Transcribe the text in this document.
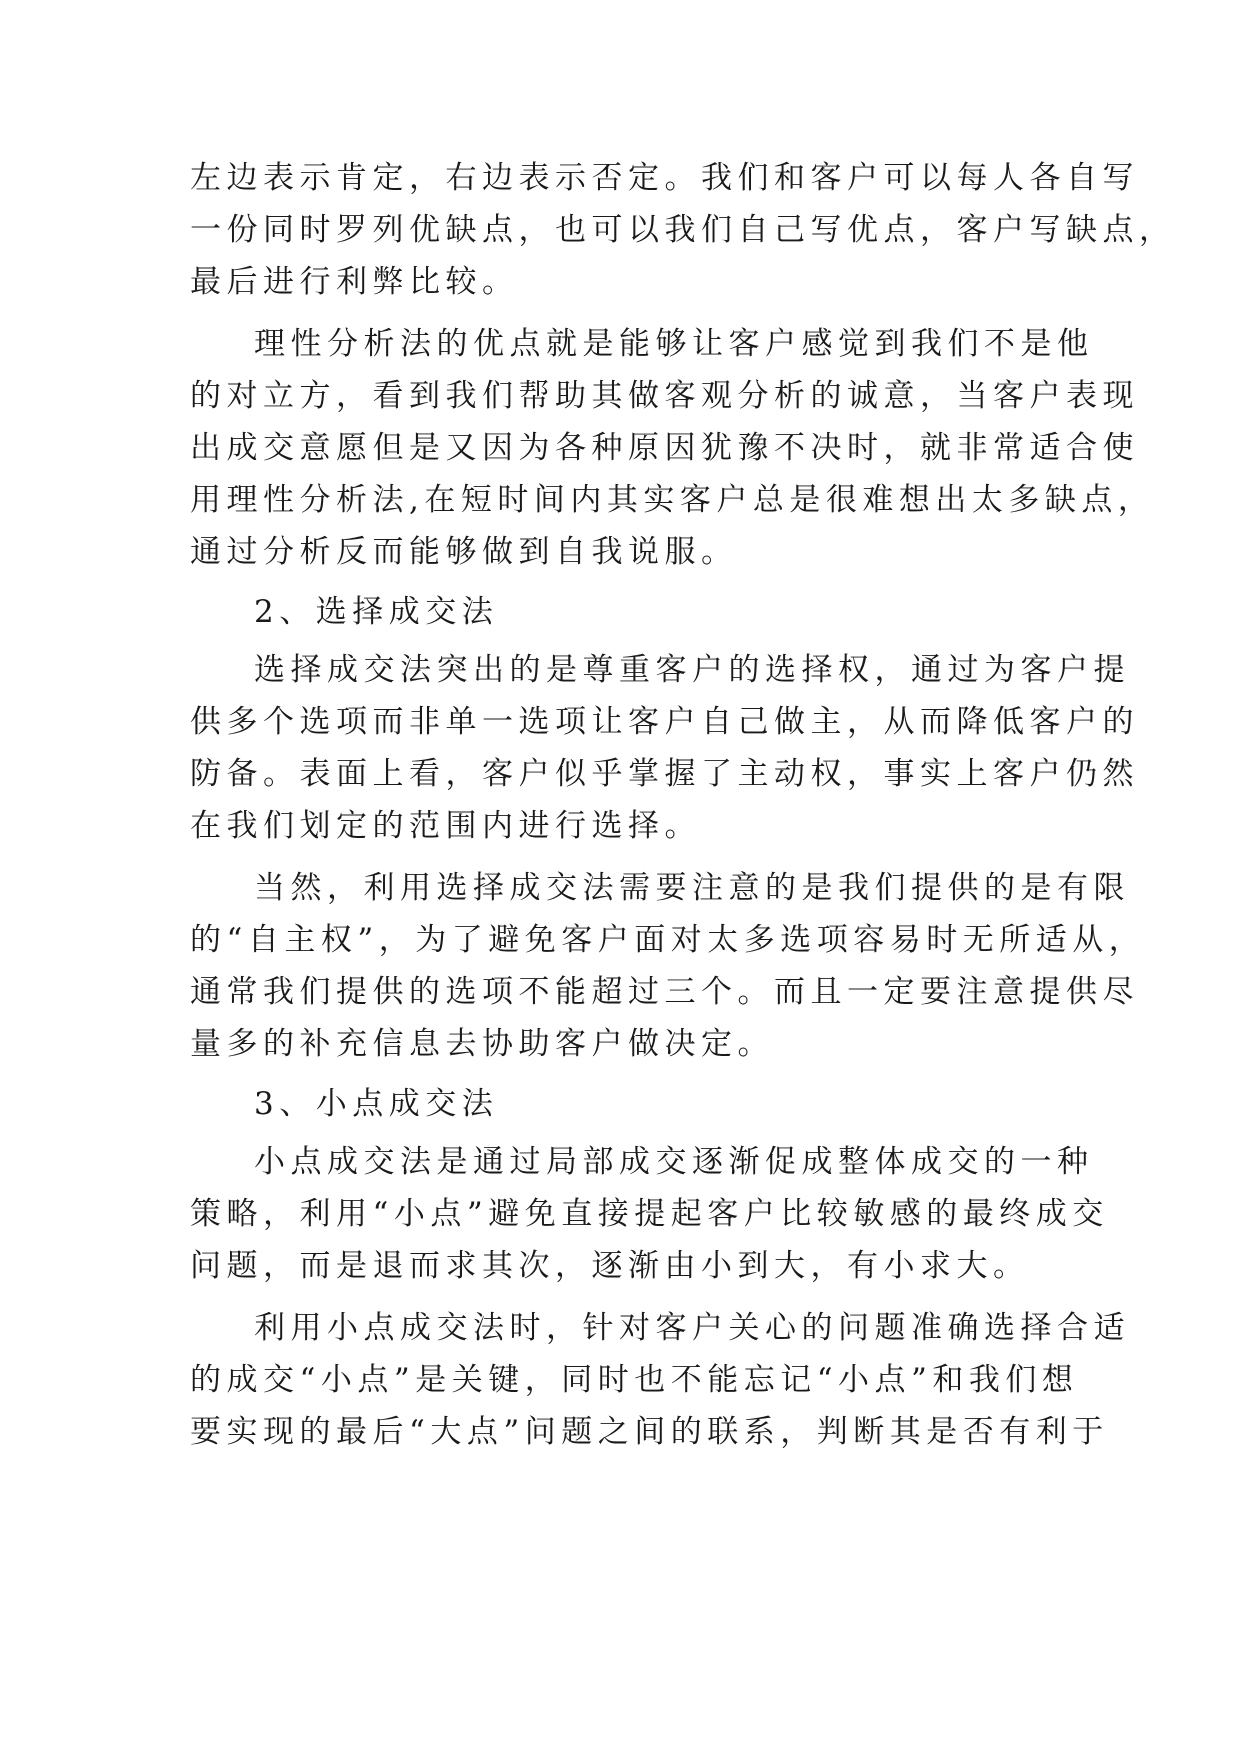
左边表示肯定，右边表示否定。我们和客户可以每人各自写
一份同时罗列优缺点，也可以我们自己写优点，客户写缺点，
最后进行利弊比较。
理性分析法的优点就是能够让客户感觉到我们不是他
的对立方，看到我们帮助其做客观分析的诚意，当客户表现
出成交意愿但是又因为各种原因犹豫不决时，就非常适合使
用理性分析法,在短时间内其实客户总是很难想出太多缺点，
通过分析反而能够做到自我说服。
2、选择成交法
选择成交法突出的是尊重客户的选择权，通过为客户提
供多个选项而非单一选项让客户自己做主，从而降低客户的
防备。表面上看，客户似乎掌握了主动权，事实上客户仍然
在我们划定的范围内进行选择。
当然，利用选择成交法需要注意的是我们提供的是有限
的“自主权”，为了避免客户面对太多选项容易时无所适从，
通常我们提供的选项不能超过三个。而且一定要注意提供尽
量多的补充信息去协助客户做决定。
3、小点成交法
小点成交法是通过局部成交逐渐促成整体成交的一种
策略，利用“小点”避免直接提起客户比较敏感的最终成交
问题，而是退而求其次，逐渐由小到大，有小求大。
利用小点成交法时，针对客户关心的问题准确选择合适
的成交“小点”是关键，同时也不能忘记“小点”和我们想
要实现的最后“大点”问题之间的联系，判断其是否有利于
